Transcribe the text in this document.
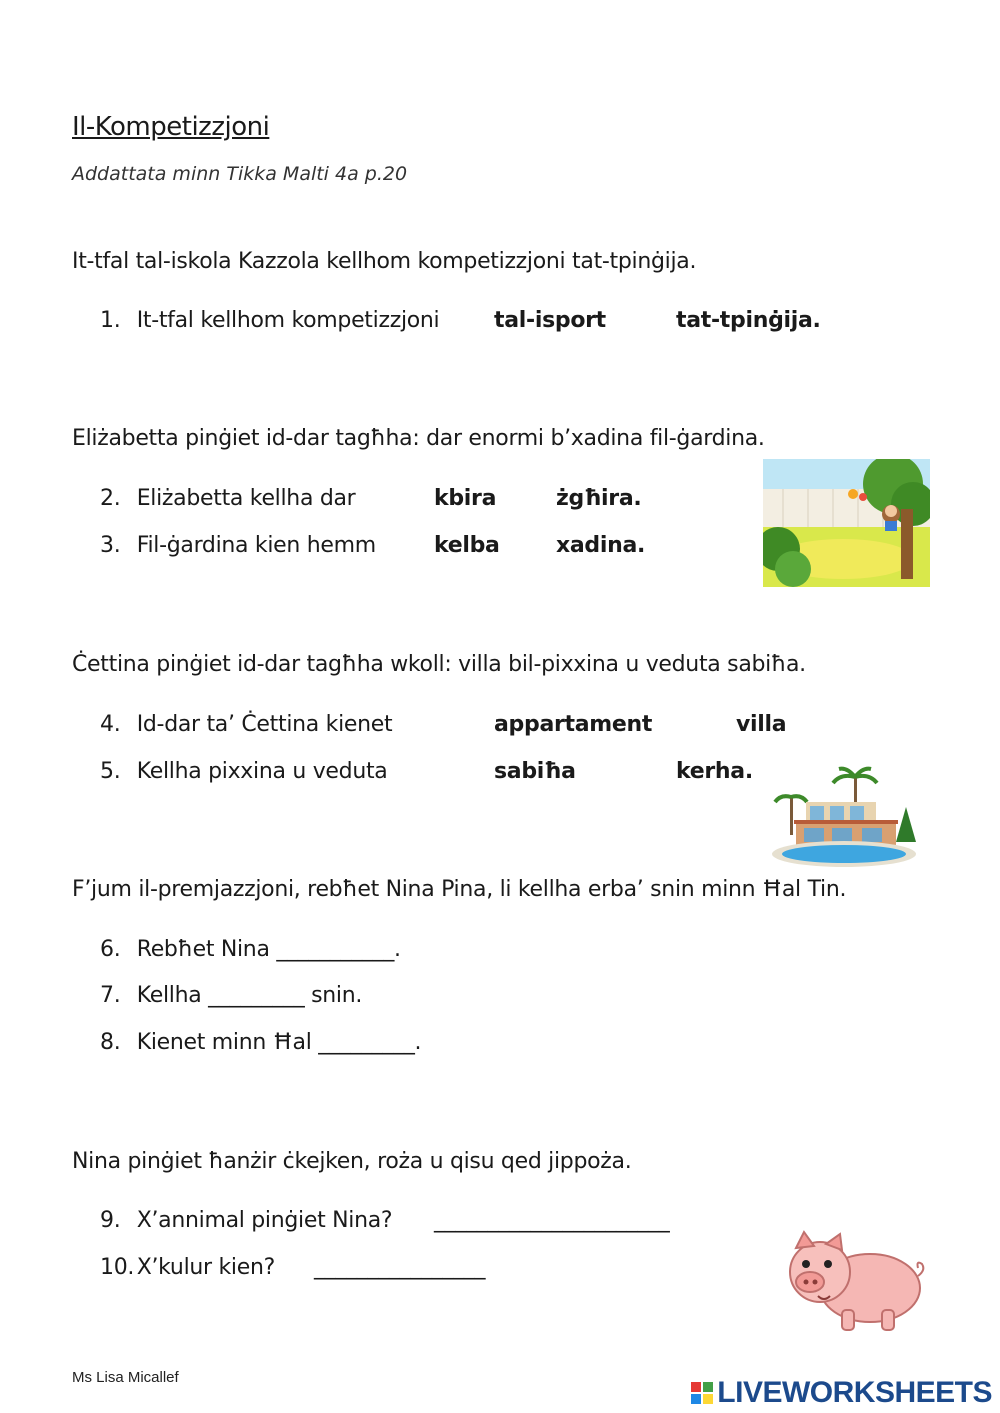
Il-Kompetizzjoni
Addattata minn Tikka Malti 4a p.20
It-tfal tal-iskola Kazzola kellhom kompetizzjoni tat-tpinġija.
1. It-tfal kellhom kompetizzjoni tal-isport	tat-tpinġija.
Eliżabetta pinġiet id-dar tagħha: dar enormi b’xadina fil-ġardina.
2. Eliżabetta kellha dar	kbira	żgħira.
3. Fil-ġardina kien hemm	kelba	xadina.
Ċettina pinġiet id-dar tagħha wkoll: villa bil-pixxina u veduta sabiħa.
4. Id-dar ta’ Ċettina kienet	appartament	villa
5. Kellha pixxina u veduta	sabiħa	kerha.
F’jum il-premjazzjoni, rebħet Nina Pina, li kellha erba’ snin minn Ħal Tin.
6. Rebħet Nina ___________.
7. Kellha _________ snin.
8. Kienet minn Ħal _________.
Nina pinġiet ħanżir ċkejken, roża u qisu qed jippoża.
9. X’annimal pinġiet Nina? ______________________
10. X’kulur kien? ________________
Ms Lisa Micallef	LIVEWORKSHEETS
